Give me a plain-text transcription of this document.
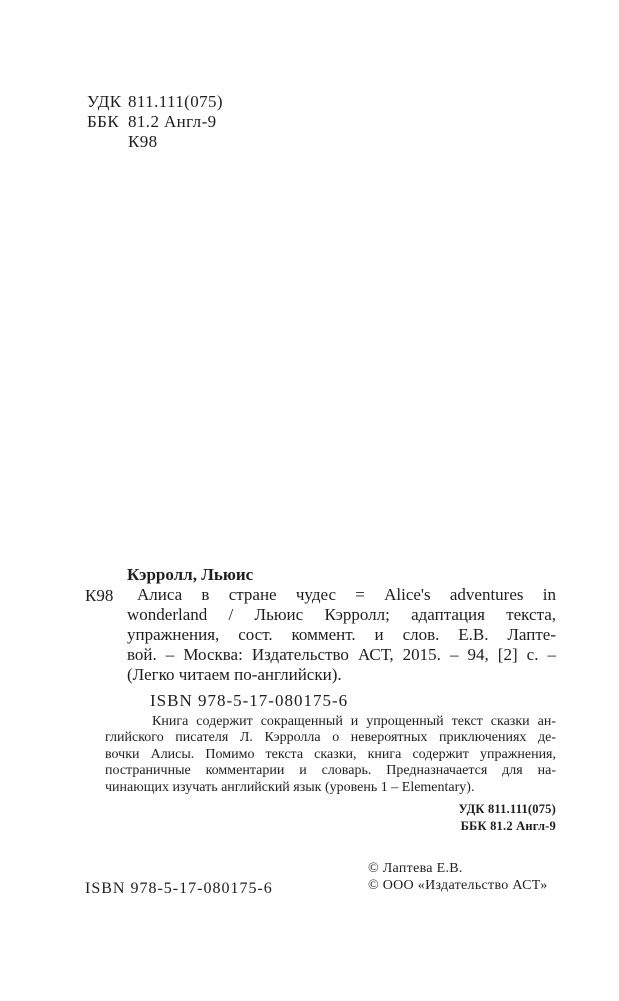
УДК 811.111(075)
ББК 81.2 Англ-9
К98
К98
Кэрролл, Льюис
Алиса в стране чудес = Alice's adventures in
wonderland / Льюис Кэрролл; адаптация текста,
упражнения, сост. коммент. и слов. Е.В. Лапте-
вой. – Москва: Издательство АСТ, 2015. – 94, [2] с. –
(Легко читаем по-английски).
ISBN 978-5-17-080175-6
Книга содержит сокращенный и упрощенный текст сказки ан-
глийского писателя Л. Кэрролла о невероятных приключениях де-
вочки Алисы. Помимо текста сказки, книга содержит упражнения,
постраничные комментарии и словарь. Предназначается для на-
чинающих изучать английский язык (уровень 1 – Elementary).
УДК 811.111(075)
ББК 81.2 Англ-9
ISBN 978-5-17-080175-6
© Лаптева Е.В.
© ООО «Издательство АСТ»
